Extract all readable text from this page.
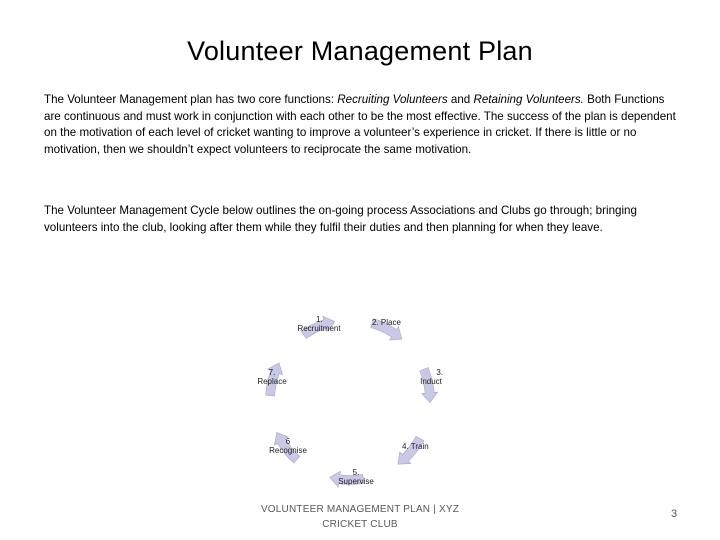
Volunteer Management Plan

The Volunteer Management plan has two core functions: Recruiting Volunteers and Retaining Volunteers. Both Functions are continuous and must work in conjunction with each other to be the most effective. The success of the plan is dependent on the motivation of each level of cricket wanting to improve a volunteer’s experience in cricket. If there is little or no motivation, then we shouldn’t expect volunteers to reciprocate the same motivation.

The Volunteer Management Cycle below outlines the on-going process Associations and Clubs go through; bringing volunteers into the club, looking after them while they fulfil their duties and then planning for when they leave.

1.
Recruitment
2. Place
3.
Induct
4. Train
5.
Supervise
6
Recognise
7.
Replace
VOLUNTEER MANAGEMENT PLAN | XYZ
CRICKET CLUB
3
